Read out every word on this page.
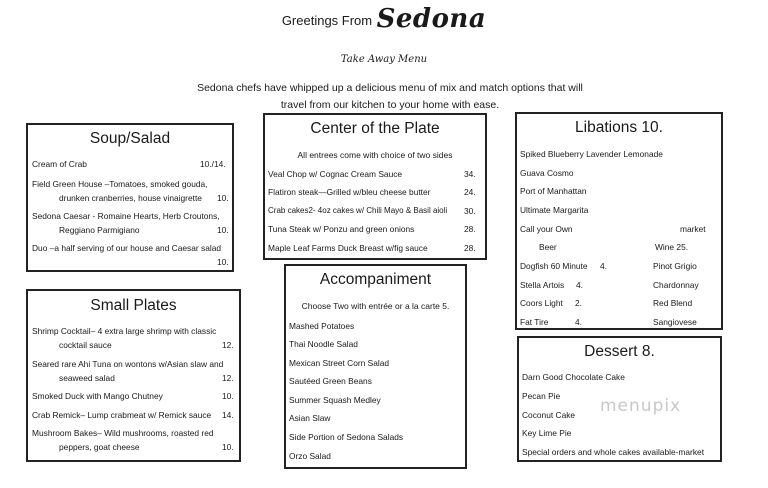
Greetings From Sedona
Take Away Menu
Sedona chefs have whipped up a delicious menu of mix and match options that will
travel from our kitchen to your home with ease.
Soup/Salad
Cream of Crab	10./14.
Field Green House –Tomatoes, smoked gouda,
drunken cranberries, house vinaigrette 10.
Sedona Caesar - Romaine Hearts, Herb Croutons,
Reggiano Parmigiano	10.
Duo –a half serving of our house and Caesar salad
10.
Small Plates
Shrimp Cocktail– 4 extra large shrimp with classic
cocktail sauce	12.
Seared rare Ahi Tuna on wontons w/Asian slaw and
seaweed salad	12.
Smoked Duck with Mango Chutney	10.
Crab Remick– Lump crabmeat w/ Remick sauce 14.
Mushroom Bakes– Wild mushrooms, roasted red
peppers, goat cheese	10.
Center of the Plate
All entrees come with choice of two sides
Veal Chop w/ Cognac Cream Sauce	34.
Flatiron steak—Grilled w/bleu cheese butter	24.
Crab cakes2- 4oz cakes w/ Chili Mayo & Basil aioli 30.
Tuna Steak w/ Ponzu and green onions	28.
Maple Leaf Farms Duck Breast w/fig sauce	28.
Accompaniment
Choose Two with entrée or a la carte 5.
Mashed Potatoes
Thai Noodle Salad
Mexican Street Corn Salad
Sautéed Green Beans
Summer Squash Medley
Asian Slaw
Side Portion of Sedona Salads
Orzo Salad
Libations 10.
Spiked Blueberry Lavender Lemonade
Guava Cosmo
Port of Manhattan
Ultimate Margarita
Call your Own	market
Beer	Wine 25.
Dogfish 60 Minute 4.	Pinot Grigio
Stella Artois 4.	Chardonnay
Coors Light 2.	Red Blend
Fat Tire	4.	Sangiovese
Dessert 8.
Darn Good Chocolate Cake
Pecan Pie
Coconut Cake
Key Lime Pie
Special orders and whole cakes available-market
menupix
